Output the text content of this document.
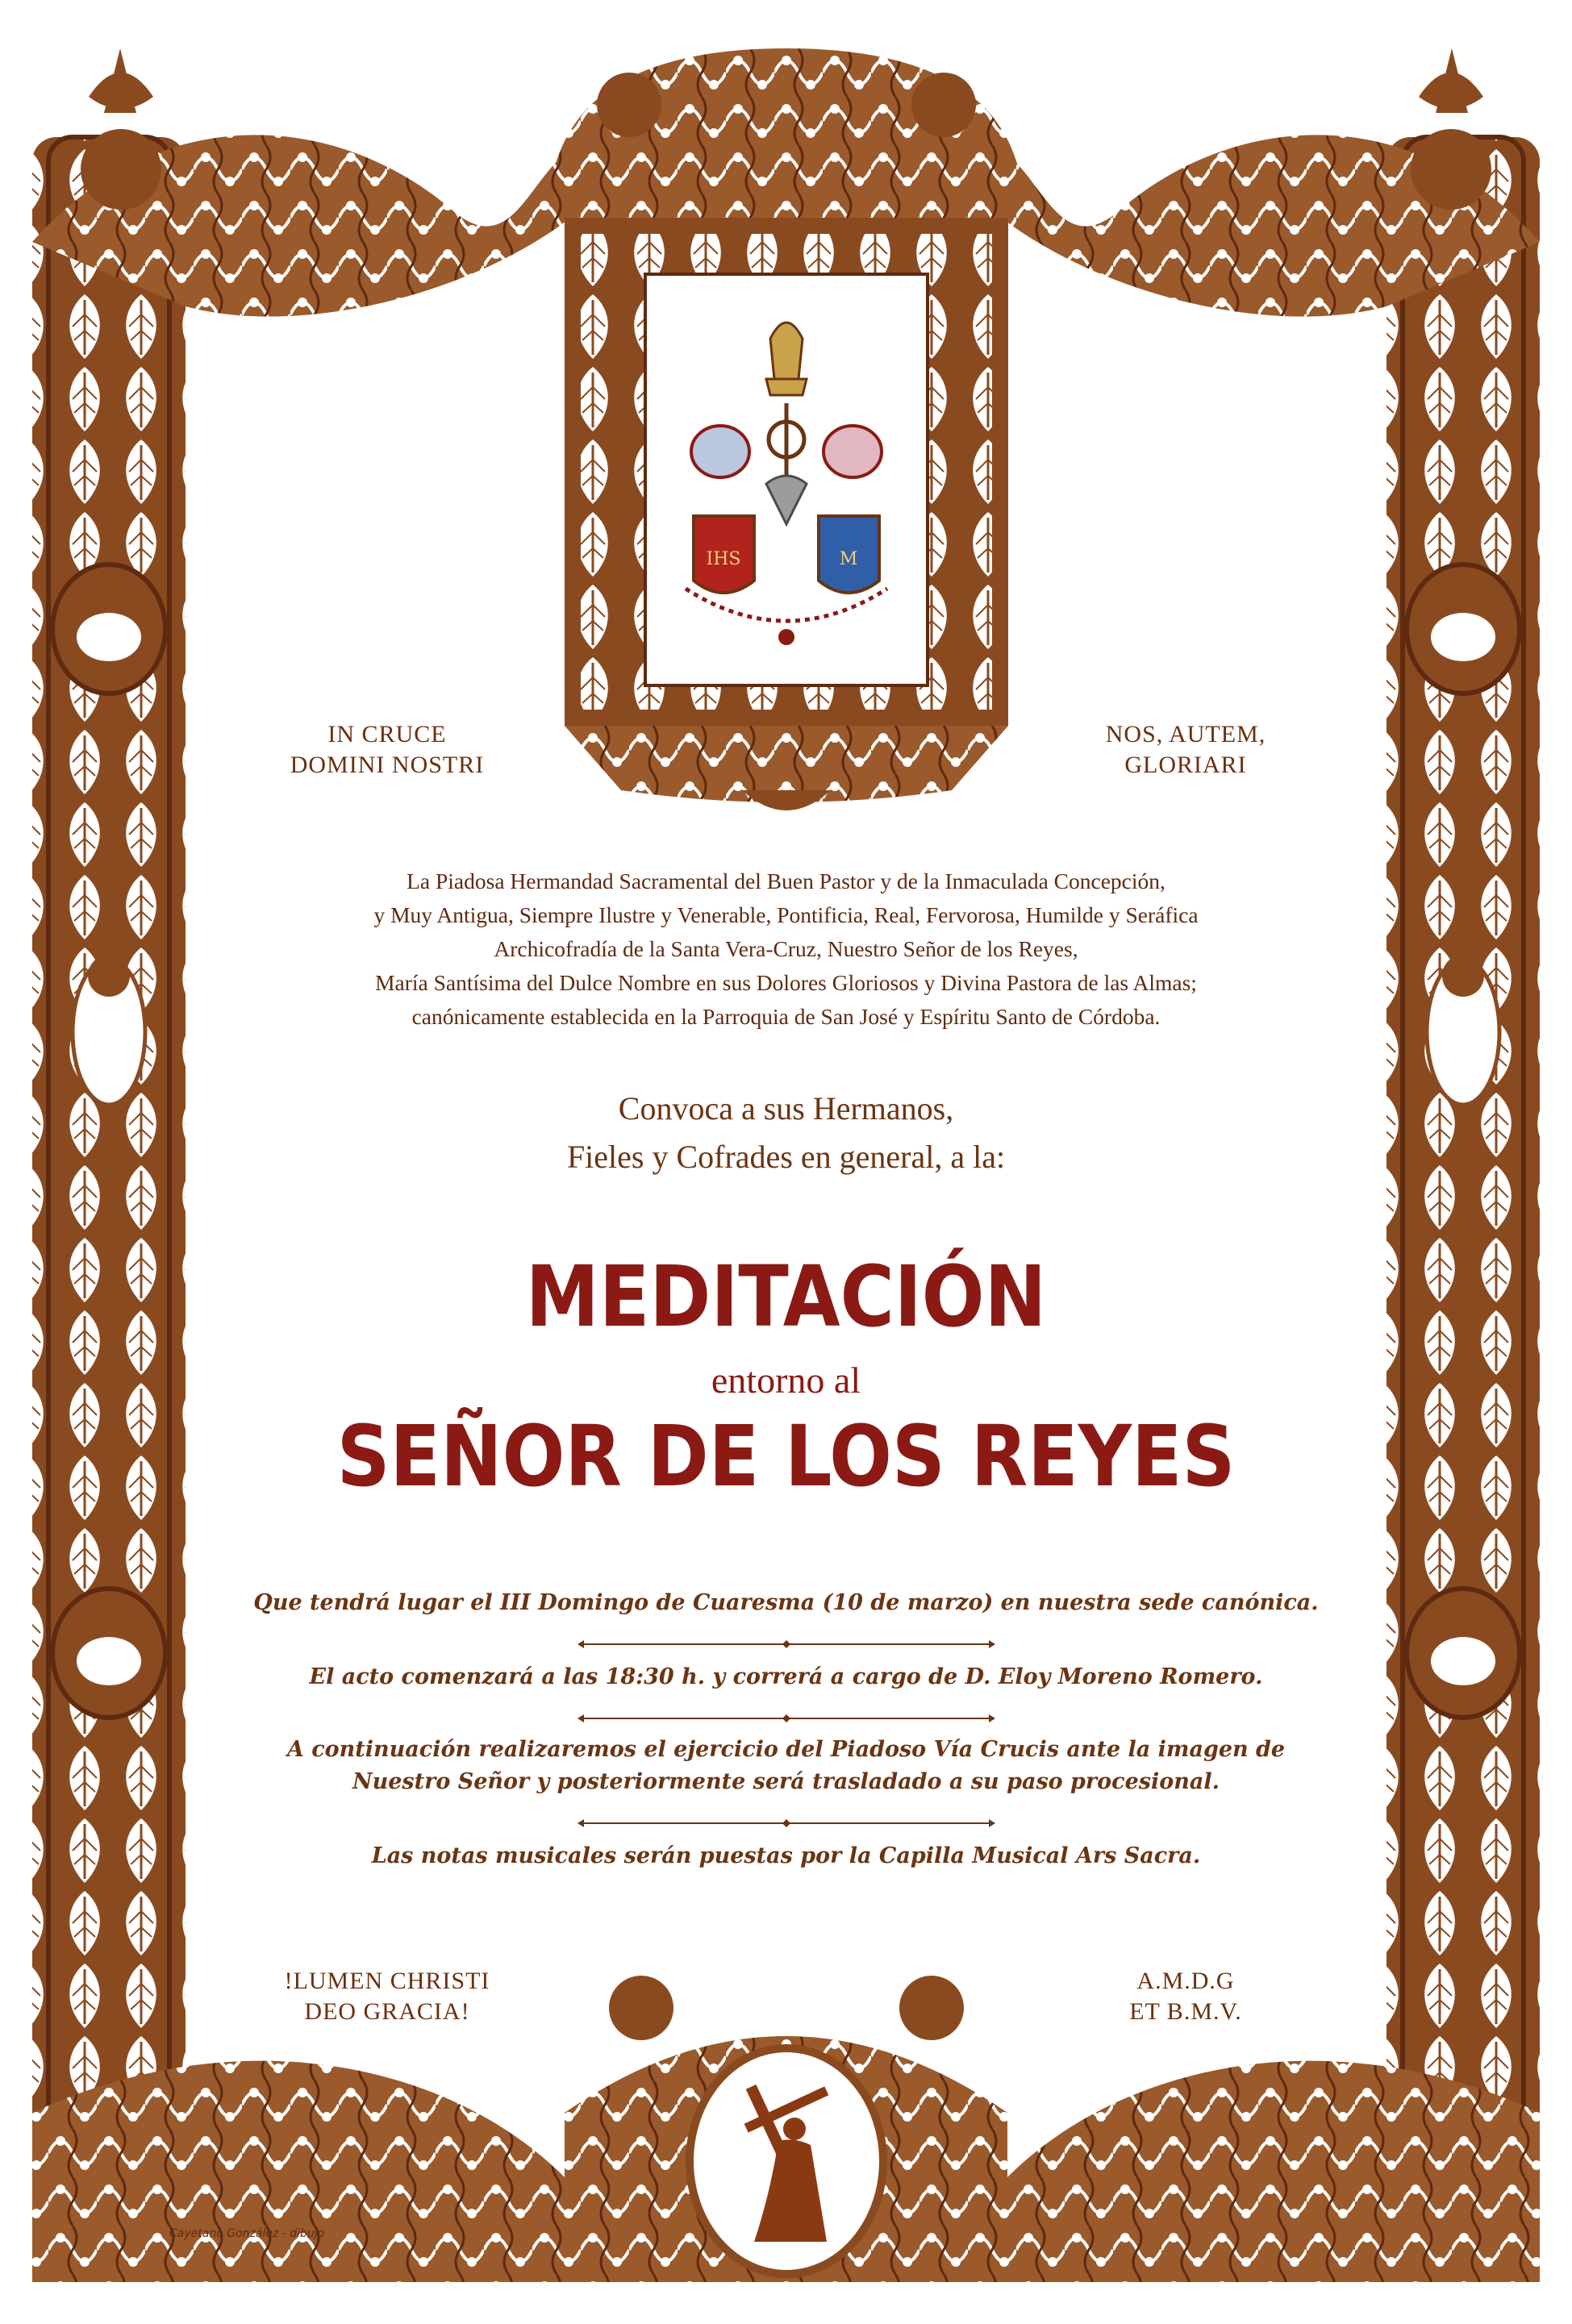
IHS	M
IN CRUCE
DOMINI NOSTRI
NOS, AUTEM,
GLORIARI
La Piadosa Hermandad Sacramental del Buen Pastor y de la Inmaculada Concepción,
y Muy Antigua, Siempre Ilustre y Venerable, Pontificia, Real, Fervorosa, Humilde y Seráfica
Archicofradía de la Santa Vera-Cruz, Nuestro Señor de los Reyes,
María Santísima del Dulce Nombre en sus Dolores Gloriosos y Divina Pastora de las Almas;
canónicamente establecida en la Parroquia de San José y Espíritu Santo de Córdoba.
Convoca a sus Hermanos,
Fieles y Cofrades en general, a la:
MEDITACIÓN
entorno al
SEÑOR DE LOS REYES
Que tendrá lugar el III Domingo de Cuaresma (10 de marzo) en nuestra sede canónica.
El acto comenzará a las 18:30 h. y correrá a cargo de D. Eloy Moreno Romero.
A continuación realizaremos el ejercicio del Piadoso Vía Crucis ante la imagen de Nuestro Señor y posteriormente será trasladado a su paso procesional.
Las notas musicales serán puestas por la Capilla Musical Ars Sacra.
!LUMEN CHRISTI
DEO GRACIA!
A.M.D.G
ET B.M.V.
Cayetano González - dibujo
